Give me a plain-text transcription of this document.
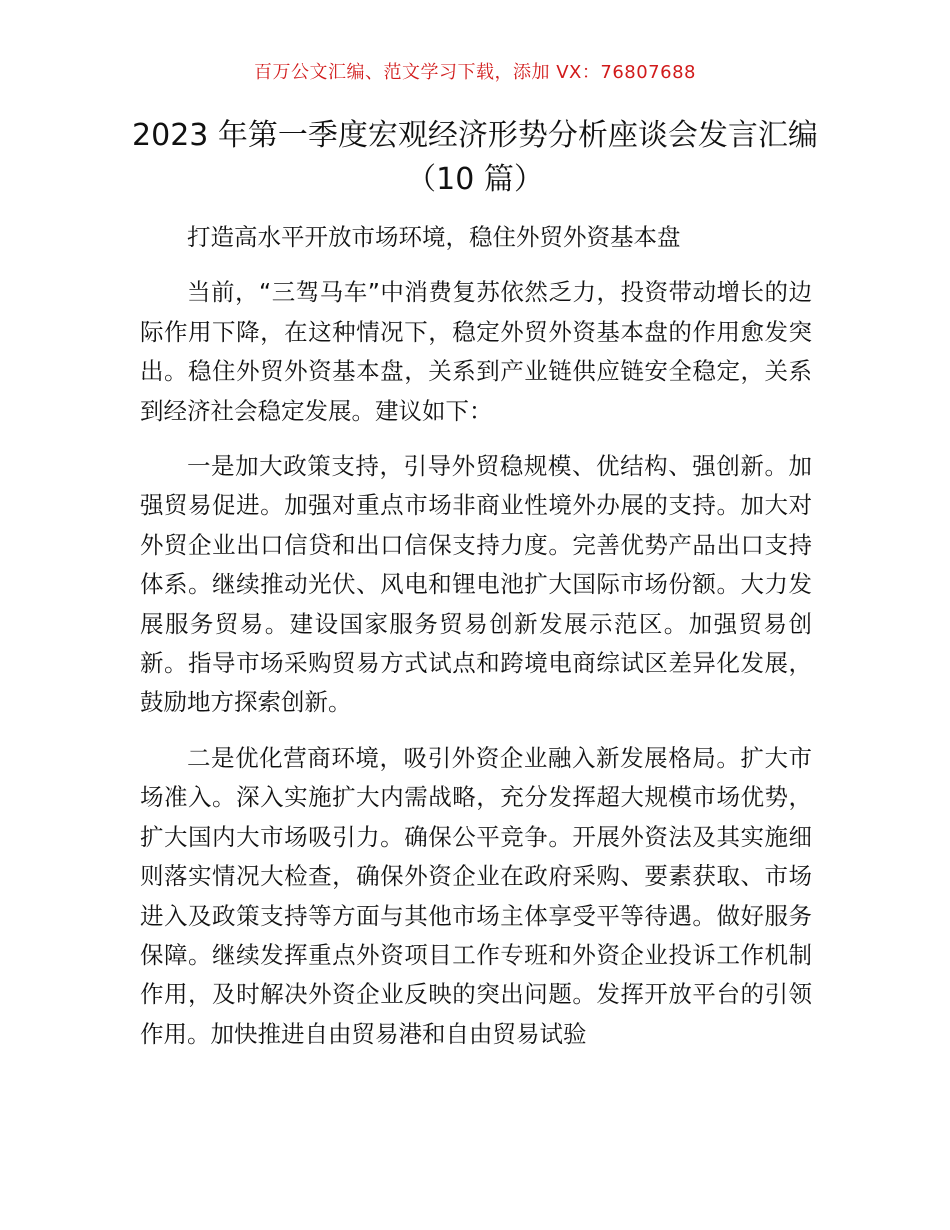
百万公文汇编、范文学习下载，添加 VX：76807688
2023 年第一季度宏观经济形势分析座谈会发言汇编（10 篇）

打造高水平开放市场环境，稳住外贸外资基本盘

当前，“三驾马车”中消费复苏依然乏力，投资带动增长的边际作用下降，在这种情况下，稳定外贸外资基本盘的作用愈发突出。稳住外贸外资基本盘，关系到产业链供应链安全稳定，关系到经济社会稳定发展。建议如下：

一是加大政策支持，引导外贸稳规模、优结构、强创新。加强贸易促进。加强对重点市场非商业性境外办展的支持。加大对外贸企业出口信贷和出口信保支持力度。完善优势产品出口支持体系。继续推动光伏、风电和锂电池扩大国际市场份额。大力发展服务贸易。建设国家服务贸易创新发展示范区。加强贸易创新。指导市场采购贸易方式试点和跨境电商综试区差异化发展，鼓励地方探索创新。

二是优化营商环境，吸引外资企业融入新发展格局。扩大市场准入。深入实施扩大内需战略，充分发挥超大规模市场优势，扩大国内大市场吸引力。确保公平竞争。开展外资法及其实施细则落实情况大检查，确保外资企业在政府采购、要素获取、市场进入及政策支持等方面与其他市场主体享受平等待遇。做好服务保障。继续发挥重点外资项目工作专班和外资企业投诉工作机制作用，及时解决外资企业反映的突出问题。发挥开放平台的引领作用。加快推进自由贸易港和自由贸易试验
